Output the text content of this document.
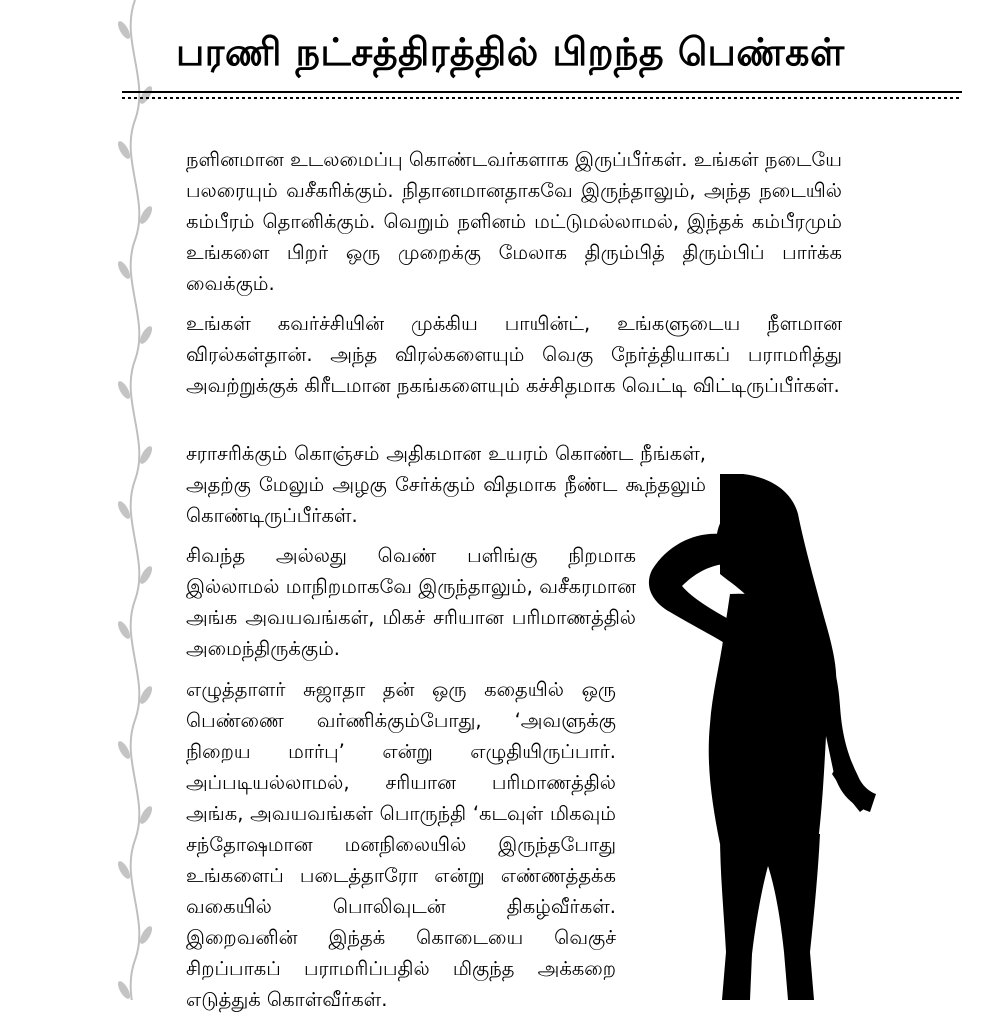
பரணி நட்சத்திரத்தில் பிறந்த பெண்கள்

நளினமான உடலமைப்பு கொண்டவர்களாக இருப்பீர்கள். உங்கள் நடையே பலரையும் வசீகரிக்கும். நிதானமானதாகவே இருந்தாலும், அந்த நடையில் கம்பீரம் தொனிக்கும். வெறும் நளினம் மட்டுமல்லாமல், இந்தக் கம்பீரமும் உங்களை பிறர் ஒரு முறைக்கு மேலாக திரும்பித் திரும்பிப் பார்க்க வைக்கும்.

உங்கள் கவர்ச்சியின் முக்கிய பாயின்ட், உங்களுடைய நீளமான விரல்கள்தான். அந்த விரல்களையும் வெகு நேர்த்தியாகப் பராமரித்து அவற்றுக்குக் கிரீடமான நகங்களையும் கச்சிதமாக வெட்டி விட்டிருப்பீர்கள்.

சராசரிக்கும் கொஞ்சம் அதிகமான உயரம் கொண்ட நீங்கள், அதற்கு மேலும் அழகு சேர்க்கும் விதமாக நீண்ட கூந்தலும் கொண்டிருப்பீர்கள்.

சிவந்த அல்லது வெண் பளிங்கு நிறமாக இல்லாமல் மாநிறமாகவே இருந்தாலும், வசீகரமான அங்க அவயவங்கள், மிகச் சரியான பரிமாணத்தில் அமைந்திருக்கும்.

எழுத்தாளர் சுஜாதா தன் ஒரு கதையில் ஒரு பெண்ணை வர்ணிக்கும்போது, ‘அவளுக்கு நிறைய மார்பு’ என்று எழுதியிருப்பார். அப்படியல்லாமல், சரியான பரிமாணத்தில் அங்க, அவயவங்கள் பொருந்தி ‘கடவுள் மிகவும் சந்தோஷமான மனநிலையில் இருந்தபோது உங்களைப் படைத்தாரோ என்று எண்ணத்தக்க வகையில் பொலிவுடன் திகழ்வீர்கள். இறைவனின் இந்தக் கொடையை வெகுச் சிறப்பாகப் பராமரிப்பதில் மிகுந்த அக்கறை எடுத்துக் கொள்வீர்கள்.
